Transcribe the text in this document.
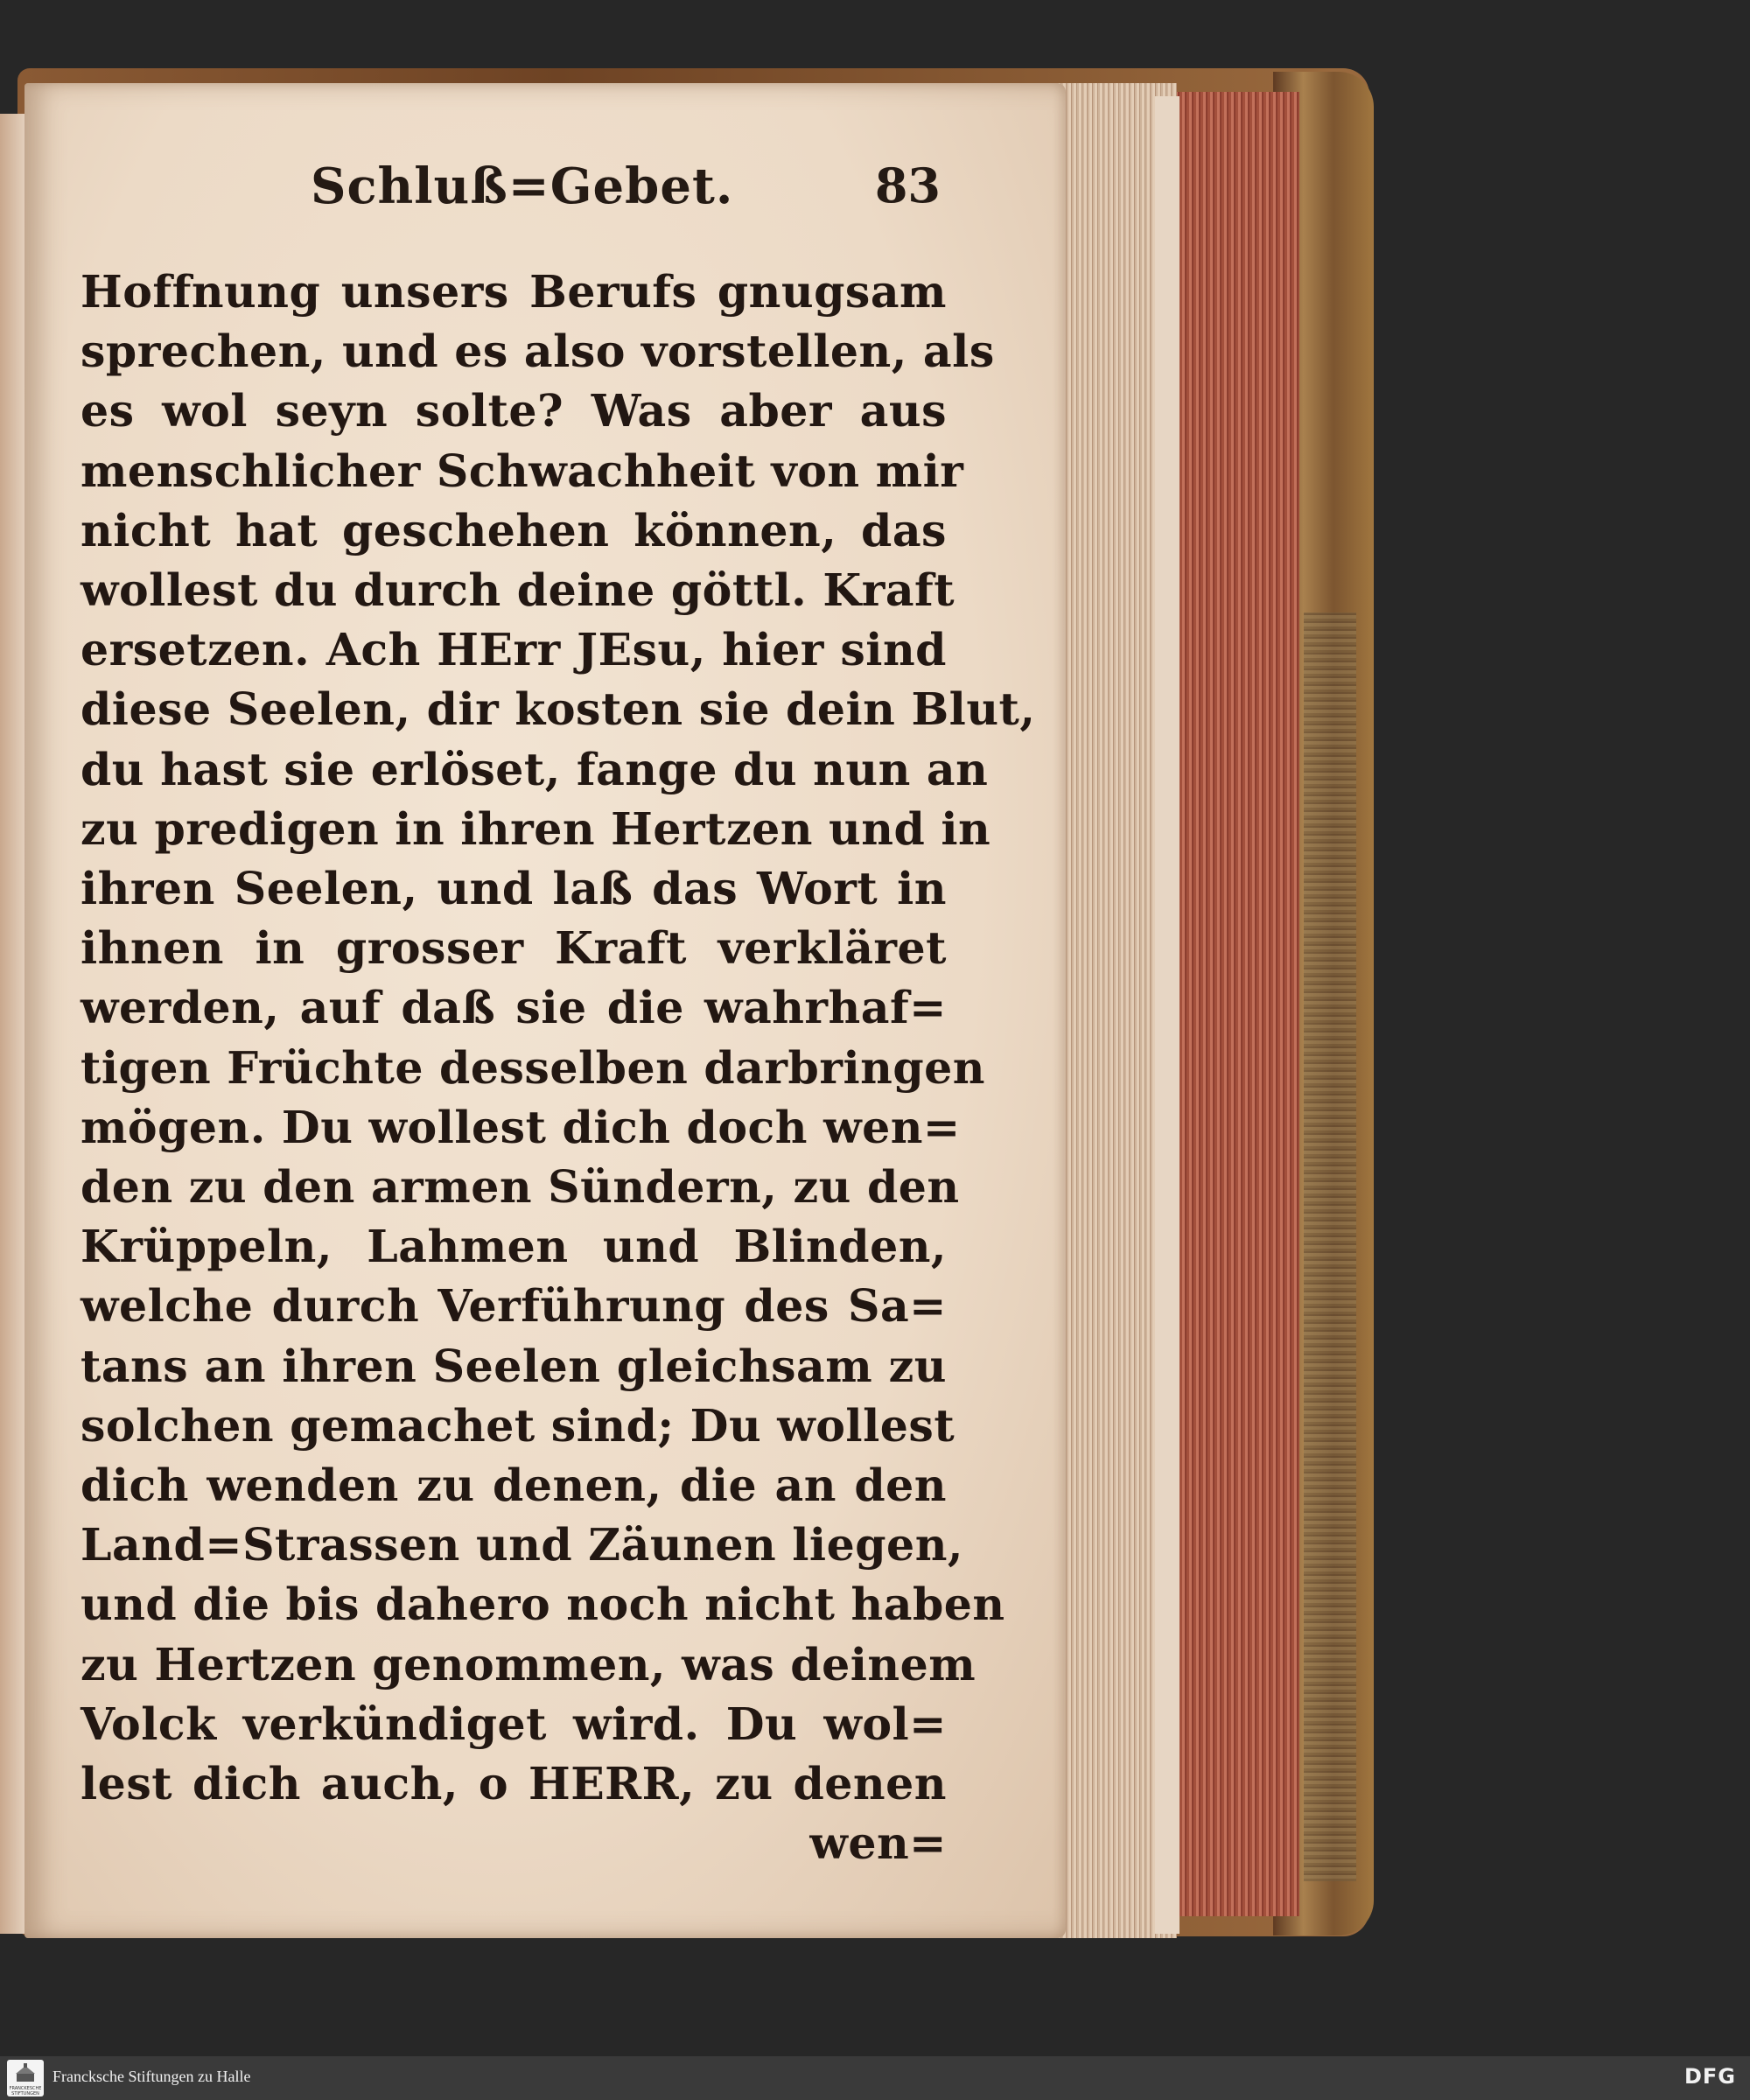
Schluß=Gebet.	83
Hoffnung unsers Berufs gnugsam
sprechen, und es also vorstellen, als
es wol seyn solte? Was aber aus
menschlicher Schwachheit von mir
nicht hat geschehen können, das
wollest du durch deine göttl. Kraft
ersetzen. Ach HErr JEsu, hier sind
diese Seelen, dir kosten sie dein Blut,
du hast sie erlöset, fange du nun an
zu predigen in ihren Hertzen und in
ihren Seelen, und laß das Wort in
ihnen in grosser Kraft verkläret
werden, auf daß sie die wahrhaf=
tigen Früchte desselben darbringen
mögen. Du wollest dich doch wen=
den zu den armen Sündern, zu den
Krüppeln, Lahmen und Blinden,
welche durch Verführung des Sa=
tans an ihren Seelen gleichsam zu
solchen gemachet sind; Du wollest
dich wenden zu denen, die an den
Land=Strassen und Zäunen liegen,
und die bis dahero noch nicht haben
zu Hertzen genommen, was deinem
Volck verkündiget wird. Du wol=
lest dich auch, o HERR, zu denen
wen=
FRANCKESCHE STIFTUNGEN
Francksche Stiftungen zu Halle	DFG
